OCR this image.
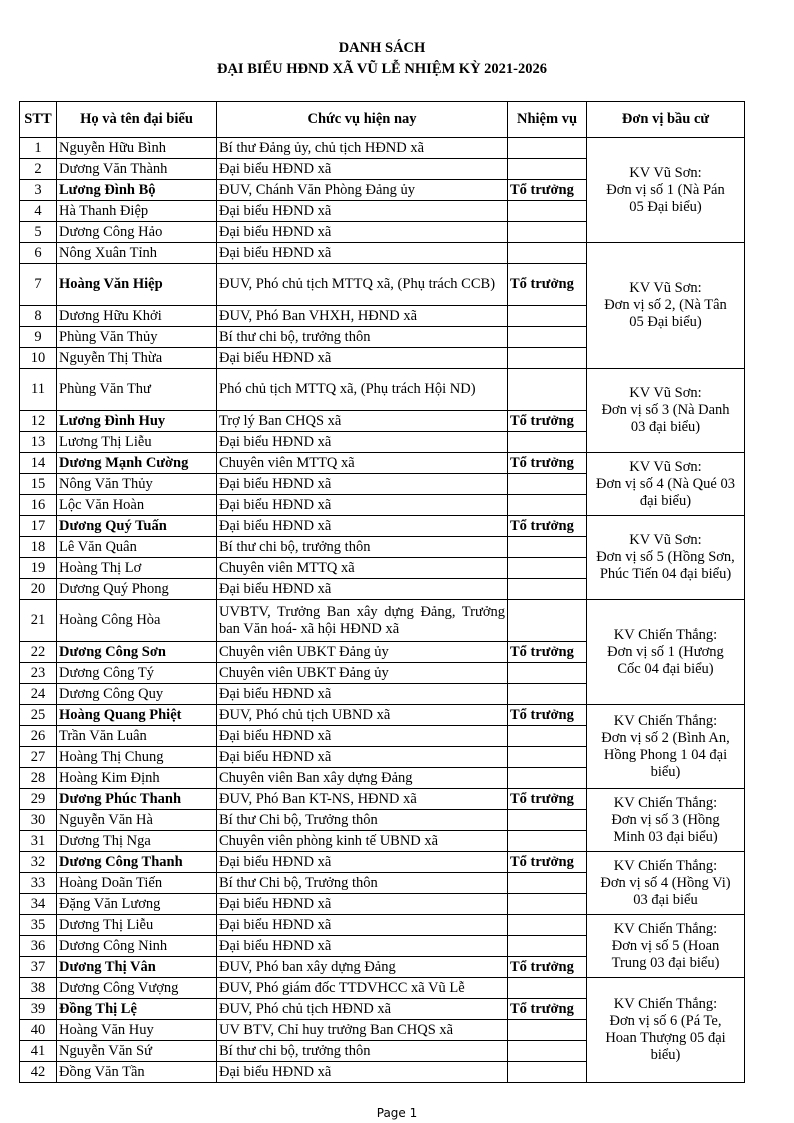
DANH SÁCH
ĐẠI BIỂU HĐND XÃ VŨ LỄ NHIỆM KỲ 2021-2026
STT	Họ và tên đại biểu	Chức vụ hiện nay	Nhiệm vụ	Đơn vị bầu cử
1	Nguyễn Hữu Bình	Bí thư Đảng ủy, chủ tịch HĐND xã		KV Vũ Sơn:
Đơn vị số 1 (Nà Pán
05 Đại biểu)

2	Dương Văn Thành	Đại biểu HĐND xã		
3	Lương Đình Bộ	ĐUV, Chánh Văn Phòng Đảng ủy	Tổ trưởng	
4	Hà Thanh Điệp	Đại biểu HĐND xã		
5	Dương Công Hảo	Đại biểu HĐND xã		
6	Nông Xuân Tỉnh	Đại biểu HĐND xã		KV Vũ Sơn:
Đơn vị số 2, (Nà Tân
05 Đại biểu)

7	Hoàng Văn Hiệp	ĐUV, Phó chủ tịch MTTQ xã, (Phụ trách CCB)	Tổ trưởng	
8	Dương Hữu Khởi	ĐUV, Phó Ban VHXH, HĐND xã		
9	Phùng Văn Thủy	Bí thư chi bộ, trưởng thôn		
10	Nguyễn Thị Thừa	Đại biểu HĐND xã		
11	Phùng Văn Thư	Phó chủ tịch MTTQ xã, (Phụ trách Hội ND)		KV Vũ Sơn:
Đơn vị số 3 (Nà Danh
03 đại biểu)

12	Lương Đình Huy	Trợ lý Ban CHQS xã	Tổ trưởng	
13	Lương Thị Liễu	Đại biểu HĐND xã		
14	Dương Mạnh Cường	Chuyên viên MTTQ xã	Tổ trưởng	KV Vũ Sơn:
Đơn vị số 4 (Nà Qué 03
đại biểu)

15	Nông Văn Thủy	Đại biểu HĐND xã		
16	Lộc Văn Hoàn	Đại biểu HĐND xã		
17	Dương Quý Tuấn	Đại biểu HĐND xã	Tổ trưởng	KV Vũ Sơn:
Đơn vị số 5 (Hồng Sơn,
Phúc Tiến 04 đại biểu)

18	Lê Văn Quân	Bí thư chi bộ, trưởng thôn		
19	Hoàng Thị Lơ	Chuyên viên MTTQ xã		
20	Dương Quý Phong	Đại biểu HĐND xã		
21	Hoàng Công Hòa	UVBTV, Trưởng Ban xây dựng Đảng, Trưởng ban Văn hoá- xã hội HĐND xã		KV Chiến Thắng:
Đơn vị số 1 (Hương
Cốc 04 đại biểu)

22	Dương Công Sơn	Chuyên viên UBKT Đảng ủy	Tổ trưởng	
23	Dương Công Tý	Chuyên viên UBKT Đảng ủy		
24	Dương Công Quy	Đại biểu HĐND xã		
25	Hoàng Quang Phiệt	ĐUV, Phó chủ tịch UBND xã	Tổ trưởng	KV Chiến Thắng:
Đơn vị số 2 (Bình An,
Hồng Phong 1 04 đại
biểu)

26	Trần Văn Luân	Đại biểu HĐND xã		
27	Hoàng Thị Chung	Đại biểu HĐND xã		
28	Hoàng Kim Định	Chuyên viên Ban xây dựng Đảng		
29	Dương Phúc Thanh	ĐUV, Phó Ban KT-NS, HĐND xã	Tổ trưởng	KV Chiến Thắng:
Đơn vị số 3 (Hồng
Minh 03 đại biểu)

30	Nguyễn Văn Hà	Bí thư Chi bộ, Trưởng thôn		
31	Dương Thị Nga	Chuyên viên phòng kinh tế UBND xã		
32	Dương Công Thanh	Đại biểu HĐND xã	Tổ trưởng	KV Chiến Thắng:
Đơn vị số 4 (Hồng Vi)
03 đại biểu

33	Hoàng Doãn Tiến	Bí thư Chi bộ, Trưởng thôn		
34	Đặng Văn Lương	Đại biểu HĐND xã		
35	Dương Thị Liễu	Đại biểu HĐND xã		KV Chiến Thắng:
Đơn vị số 5 (Hoan
Trung 03 đại biểu)

36	Dương Công Ninh	Đại biểu HĐND xã		
37	Dương Thị Vân	ĐUV, Phó ban xây dựng Đảng	Tổ trưởng	
38	Dương Công Vượng	ĐUV, Phó giám đốc TTDVHCC xã Vũ Lễ		KV Chiến Thắng:
Đơn vị số 6 (Pá Te,
Hoan Thượng 05 đại
biểu)

39	Đồng Thị Lệ	ĐUV, Phó chủ tịch HĐND xã	Tổ trưởng	
40	Hoàng Văn Huy	UV BTV, Chỉ huy trưởng Ban CHQS xã		
41	Nguyễn Văn Sứ	Bí thư chi bộ, trưởng thôn		
42	Đồng Văn Tần	Đại biểu HĐND xã		
Page 1
